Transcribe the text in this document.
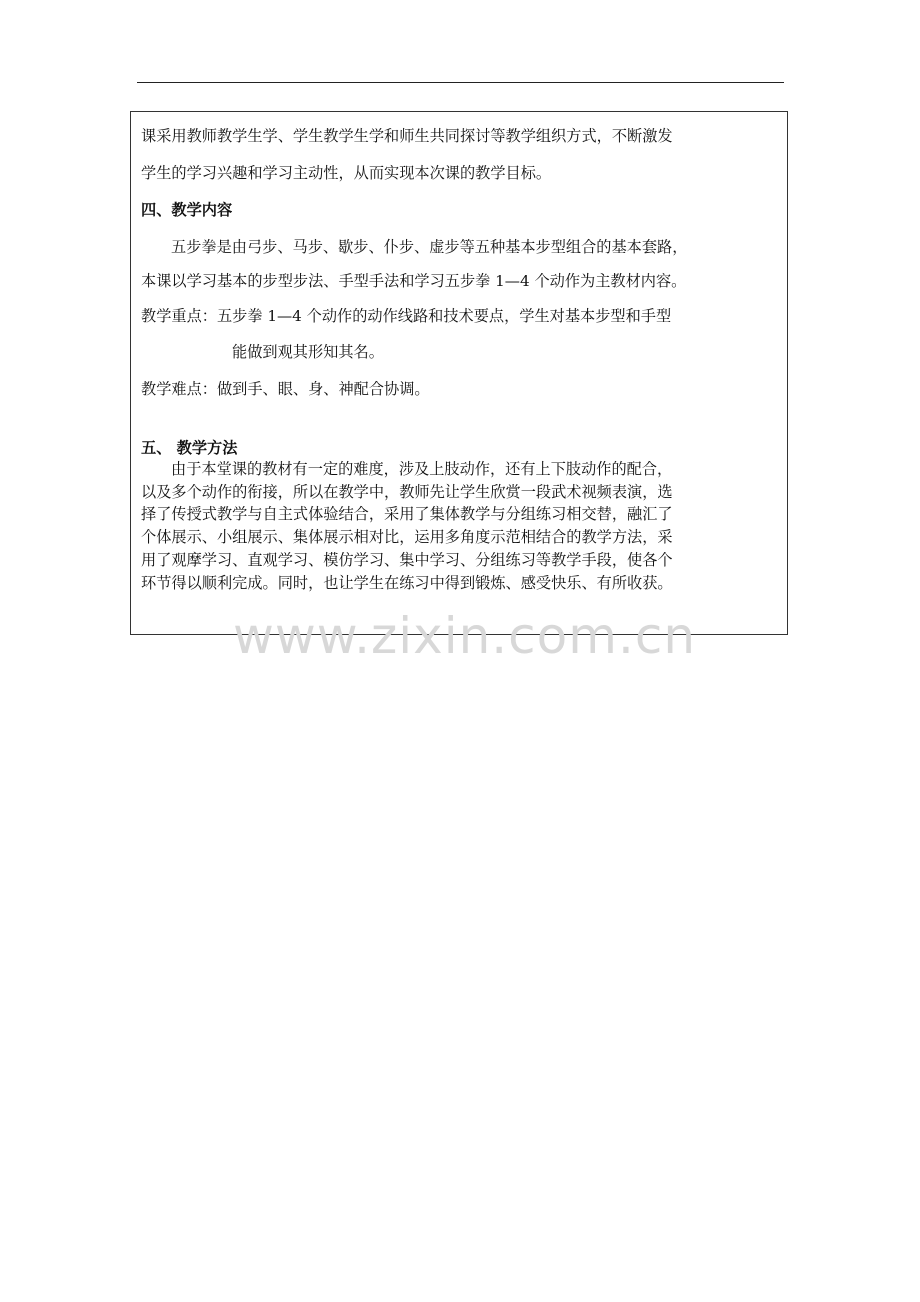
课采用教师教学生学、学生教学生学和师生共同探讨等教学组织方式，不断激发

学生的学习兴趣和学习主动性，从而实现本次课的教学目标。

四、教学内容

五步拳是由弓步、马步、歇步、仆步、虚步等五种基本步型组合的基本套路，

本课以学习基本的步型步法、手型手法和学习五步拳 1—4 个动作为主教材内容。

教学重点：五步拳 1—4 个动作的动作线路和技术要点，学生对基本步型和手型

能做到观其形知其名。

教学难点：做到手、眼、身、神配合协调。

五、 教学方法

由于本堂课的教材有一定的难度，涉及上肢动作，还有上下肢动作的配合，
以及多个动作的衔接，所以在教学中，教师先让学生欣赏一段武术视频表演，选
择了传授式教学与自主式体验结合，采用了集体教学与分组练习相交替，融汇了
个体展示、小组展示、集体展示相对比，运用多角度示范相结合的教学方法，采
用了观摩学习、直观学习、模仿学习、集中学习、分组练习等教学手段，使各个
环节得以顺利完成。同时，也让学生在练习中得到锻炼、感受快乐、有所收获。
www.zixin.com.cn
